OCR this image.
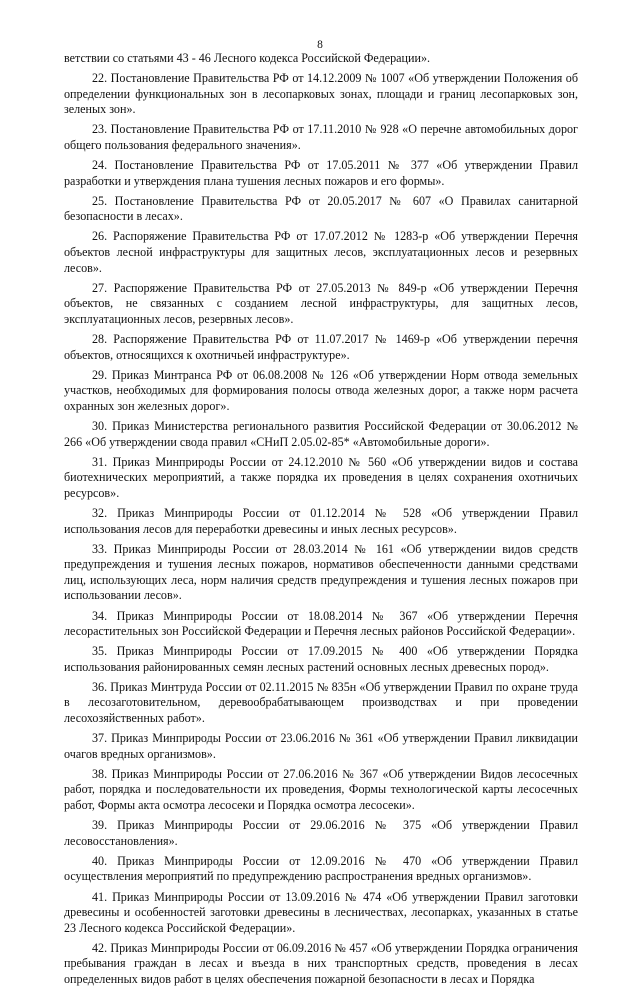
8

ветствии со статьями 43 - 46 Лесного кодекса Российской Федерации».

22. Постановление Правительства РФ от 14.12.2009 № 1007 «Об утверждении Положения об определении функциональных зон в лесопарковых зонах, площади и границ лесопарковых зон, зеленых зон».

23. Постановление Правительства РФ от 17.11.2010 № 928 «О перечне автомобильных дорог общего пользования федерального значения».

24. Постановление Правительства РФ от 17.05.2011 № 377 «Об утверждении Правил разработки и утверждения плана тушения лесных пожаров и его формы».

25. Постановление Правительства РФ от 20.05.2017 № 607 «О Правилах санитарной безопасности в лесах».

26. Распоряжение Правительства РФ от 17.07.2012 № 1283-р «Об утверждении Перечня объектов лесной инфраструктуры для защитных лесов, эксплуатационных лесов и резервных лесов».

27. Распоряжение Правительства РФ от 27.05.2013 № 849-р «Об утверждении Перечня объектов, не связанных с созданием лесной инфраструктуры, для защитных лесов, эксплуатационных лесов, резервных лесов».

28. Распоряжение Правительства РФ от 11.07.2017 № 1469-р «Об утверждении перечня объектов, относящихся к охотничьей инфраструктуре».

29. Приказ Минтранса РФ от 06.08.2008 № 126 «Об утверждении Норм отвода земельных участков, необходимых для формирования полосы отвода железных дорог, а также норм расчета охранных зон железных дорог».

30. Приказ Министерства регионального развития Российской Федерации от 30.06.2012 № 266 «Об утверждении свода правил «СНиП 2.05.02-85* «Автомобильные дороги».

31. Приказ Минприроды России от 24.12.2010 № 560 «Об утверждении видов и состава биотехнических мероприятий, а также порядка их проведения в целях сохранения охотничьих ресурсов».

32. Приказ Минприроды России от 01.12.2014 № 528 «Об утверждении Правил использования лесов для переработки древесины и иных лесных ресурсов».

33. Приказ Минприроды России от 28.03.2014 № 161 «Об утверждении видов средств предупреждения и тушения лесных пожаров, нормативов обеспеченности данными средствами лиц, использующих леса, норм наличия средств предупреждения и тушения лесных пожаров при использовании лесов».

34. Приказ Минприроды России от 18.08.2014 № 367 «Об утверждении Перечня лесорастительных зон Российской Федерации и Перечня лесных районов Российской Федерации».

35. Приказ Минприроды России от 17.09.2015 № 400 «Об утверждении Порядка использования районированных семян лесных растений основных лесных древесных пород».

36. Приказ Минтруда России от 02.11.2015 № 835н «Об утверждении Правил по охране труда в лесозаготовительном, деревообрабатывающем производствах и при проведении лесохозяйственных работ».

37. Приказ Минприроды России от 23.06.2016 № 361 «Об утверждении Правил ликвидации очагов вредных организмов».

38. Приказ Минприроды России от 27.06.2016 № 367 «Об утверждении Видов лесосечных работ, порядка и последовательности их проведения, Формы технологической карты лесосечных работ, Формы акта осмотра лесосеки и Порядка осмотра лесосеки».

39. Приказ Минприроды России от 29.06.2016 № 375 «Об утверждении Правил лесовосстановления».

40. Приказ Минприроды России от 12.09.2016 № 470 «Об утверждении Правил осуществления мероприятий по предупреждению распространения вредных организмов».

41. Приказ Минприроды России от 13.09.2016 № 474 «Об утверждении Правил заготовки древесины и особенностей заготовки древесины в лесничествах, лесопарках, указанных в статье 23 Лесного кодекса Российской Федерации».

42. Приказ Минприроды России от 06.09.2016 № 457 «Об утверждении Порядка ограничения пребывания граждан в лесах и въезда в них транспортных средств, проведения в лесах определенных видов работ в целях обеспечения пожарной безопасности в лесах и Порядка
